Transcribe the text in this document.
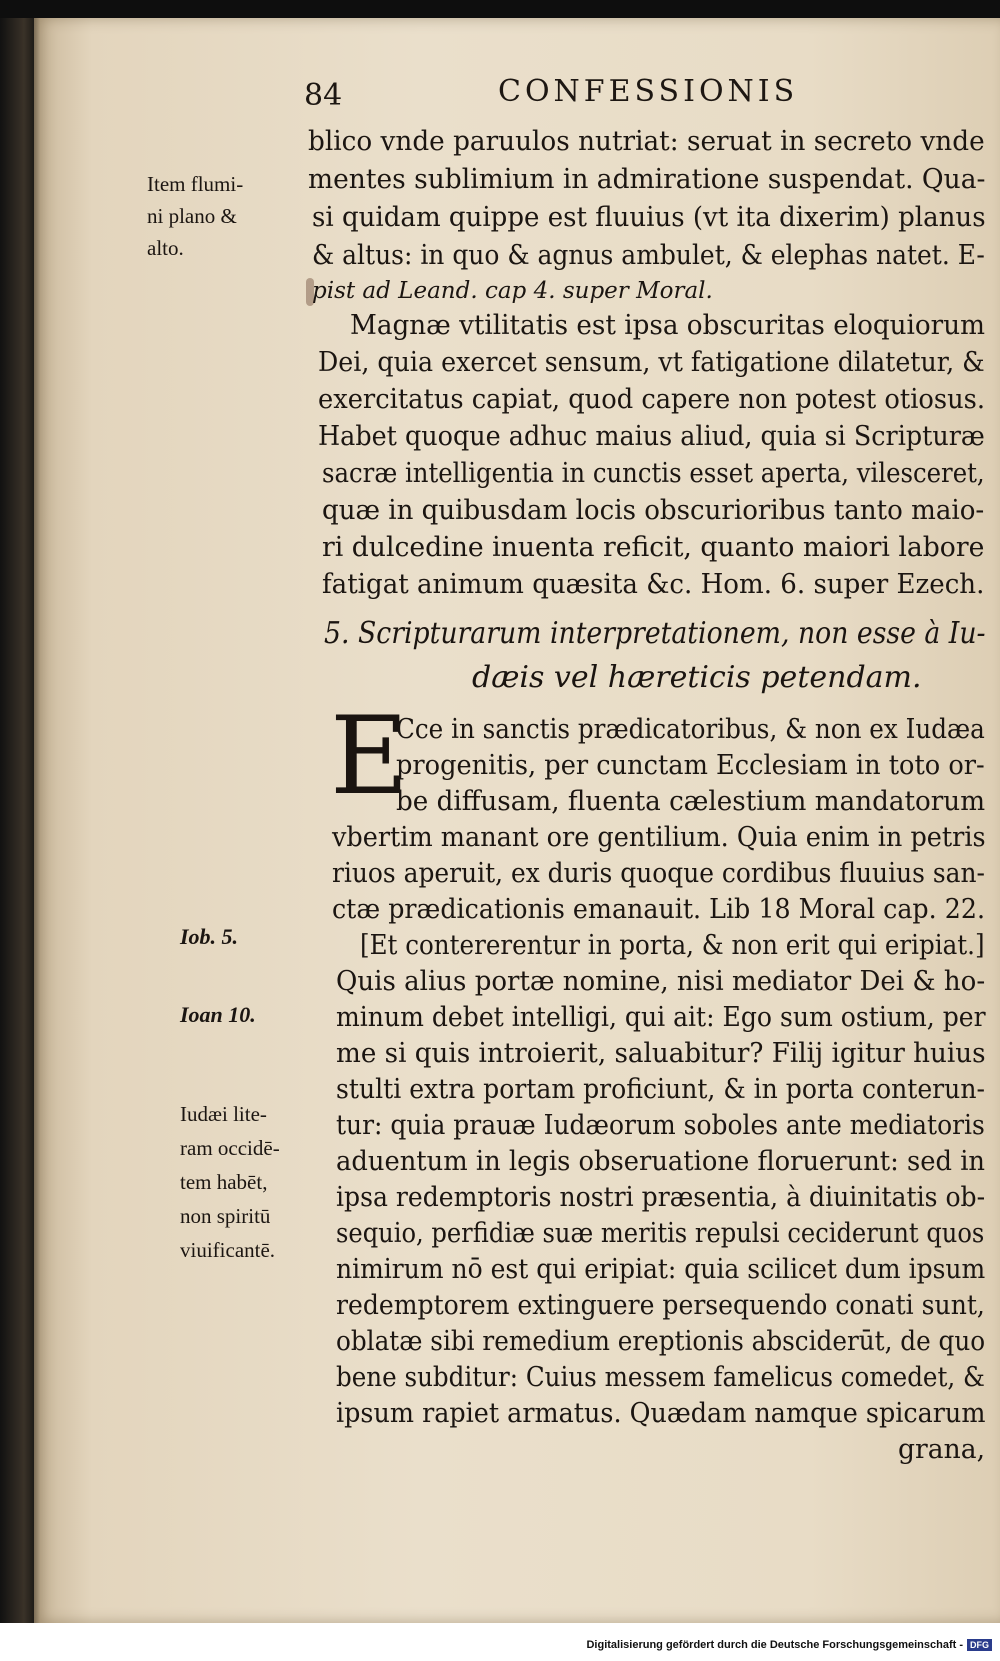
84	CONFESSIONIS
Item flumi-
ni plano &
alto.
Iob. 5.
Ioan 10.
Iudæi lite-
ram occidē-
tem habēt,
non spiritū
viuificantē.
blico vnde paruulos nutriat: seruat in secreto vnde
mentes sublimium in admiratione suspendat. Qua-
si quidam quippe est fluuius (vt ita dixerim) planus
& altus: in quo & agnus ambulet, & elephas natet. E-
pist ad Leand. cap 4. super Moral.
Magnæ vtilitatis est ipsa obscuritas eloquiorum
Dei, quia exercet sensum, vt fatigatione dilatetur, &
exercitatus capiat, quod capere non potest otiosus.
Habet quoque adhuc maius aliud, quia si Scripturæ
sacræ intelligentia in cunctis esset aperta, vilesceret,
quæ in quibusdam locis obscurioribus tanto maio-
ri dulcedine inuenta reficit, quanto maiori labore
fatigat animum quæsita &c. Hom. 6. super Ezech.
5. Scripturarum interpretationem, non esse à Iu-
dæis vel hæreticis petendam.
E
Cce in sanctis prædicatoribus, & non ex Iudæa
progenitis, per cunctam Ecclesiam in toto or-
be diffusam, fluenta cælestium mandatorum
vbertim manant ore gentilium. Quia enim in petris
riuos aperuit, ex duris quoque cordibus fluuius san-
ctæ prædicationis emanauit. Lib 18 Moral cap. 22.
[Et contererentur in porta, & non erit qui eripiat.]
Quis alius portæ nomine, nisi mediator Dei & ho-
minum debet intelligi, qui ait: Ego sum ostium, per
me si quis introierit, saluabitur? Filij igitur huius
stulti extra portam proficiunt, & in porta conterun-
tur: quia prauæ Iudæorum soboles ante mediatoris
aduentum in legis obseruatione floruerunt: sed in
ipsa redemptoris nostri præsentia, à diuinitatis ob-
sequio, perfidiæ suæ meritis repulsi ceciderunt quos
nimirum nō est qui eripiat: quia scilicet dum ipsum
redemptorem extinguere persequendo conati sunt,
oblatæ sibi remedium ereptionis absciderūt, de quo
bene subditur: Cuius messem famelicus comedet, &
ipsum rapiet armatus. Quædam namque spicarum
grana,
Digitalisierung gefördert durch die Deutsche Forschungsgemeinschaft - DFG
